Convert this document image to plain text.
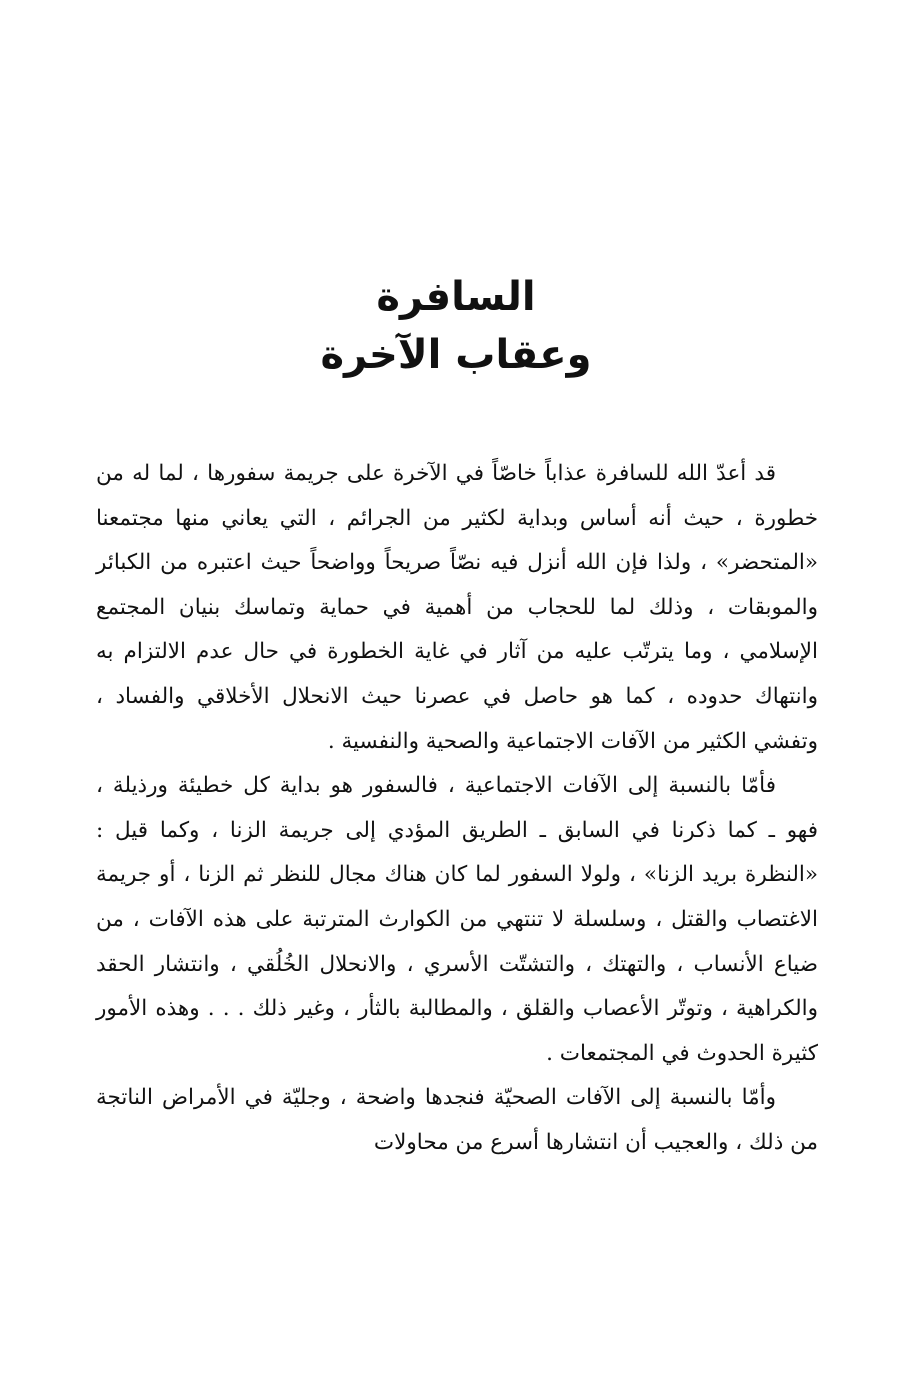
السافرة
وعقاب الآخرة

قد أعدّ الله للسافرة عذاباً خاصّاً في الآخرة على جريمة سفورها ، لما له من خطورة ، حيث أنه أساس وبداية لكثير من الجرائم ، التي يعاني منها مجتمعنا «المتحضر» ، ولذا فإن الله أنزل فيه نصّاً صريحاً وواضحاً حيث اعتبره من الكبائر والموبقات ، وذلك لما للحجاب من أهمية في حماية وتماسك بنيان المجتمع الإسلامي ، وما يترتّب عليه من آثار في غاية الخطورة في حال عدم الالتزام به وانتهاك حدوده ، كما هو حاصل في عصرنا حيث الانحلال الأخلاقي والفساد ، وتفشي الكثير من الآفات الاجتماعية والصحية والنفسية .

فأمّا بالنسبة إلى الآفات الاجتماعية ، فالسفور هو بداية كل خطيئة ورذيلة ، فهو ـ كما ذكرنا في السابق ـ الطريق المؤدي إلى جريمة الزنا ، وكما قيل : «النظرة بريد الزنا» ، ولولا السفور لما كان هناك مجال للنظر ثم الزنا ، أو جريمة الاغتصاب والقتل ، وسلسلة لا تنتهي من الكوارث المترتبة على هذه الآفات ، من ضياع الأنساب ، والتهتك ، والتشتّت الأسري ، والانحلال الخُلُقي ، وانتشار الحقد والكراهية ، وتوتّر الأعصاب والقلق ، والمطالبة بالثأر ، وغير ذلك . . . وهذه الأمور كثيرة الحدوث في المجتمعات .

وأمّا بالنسبة إلى الآفات الصحيّة فنجدها واضحة ، وجليّة في الأمراض الناتجة من ذلك ، والعجيب أن انتشارها أسرع من محاولات
